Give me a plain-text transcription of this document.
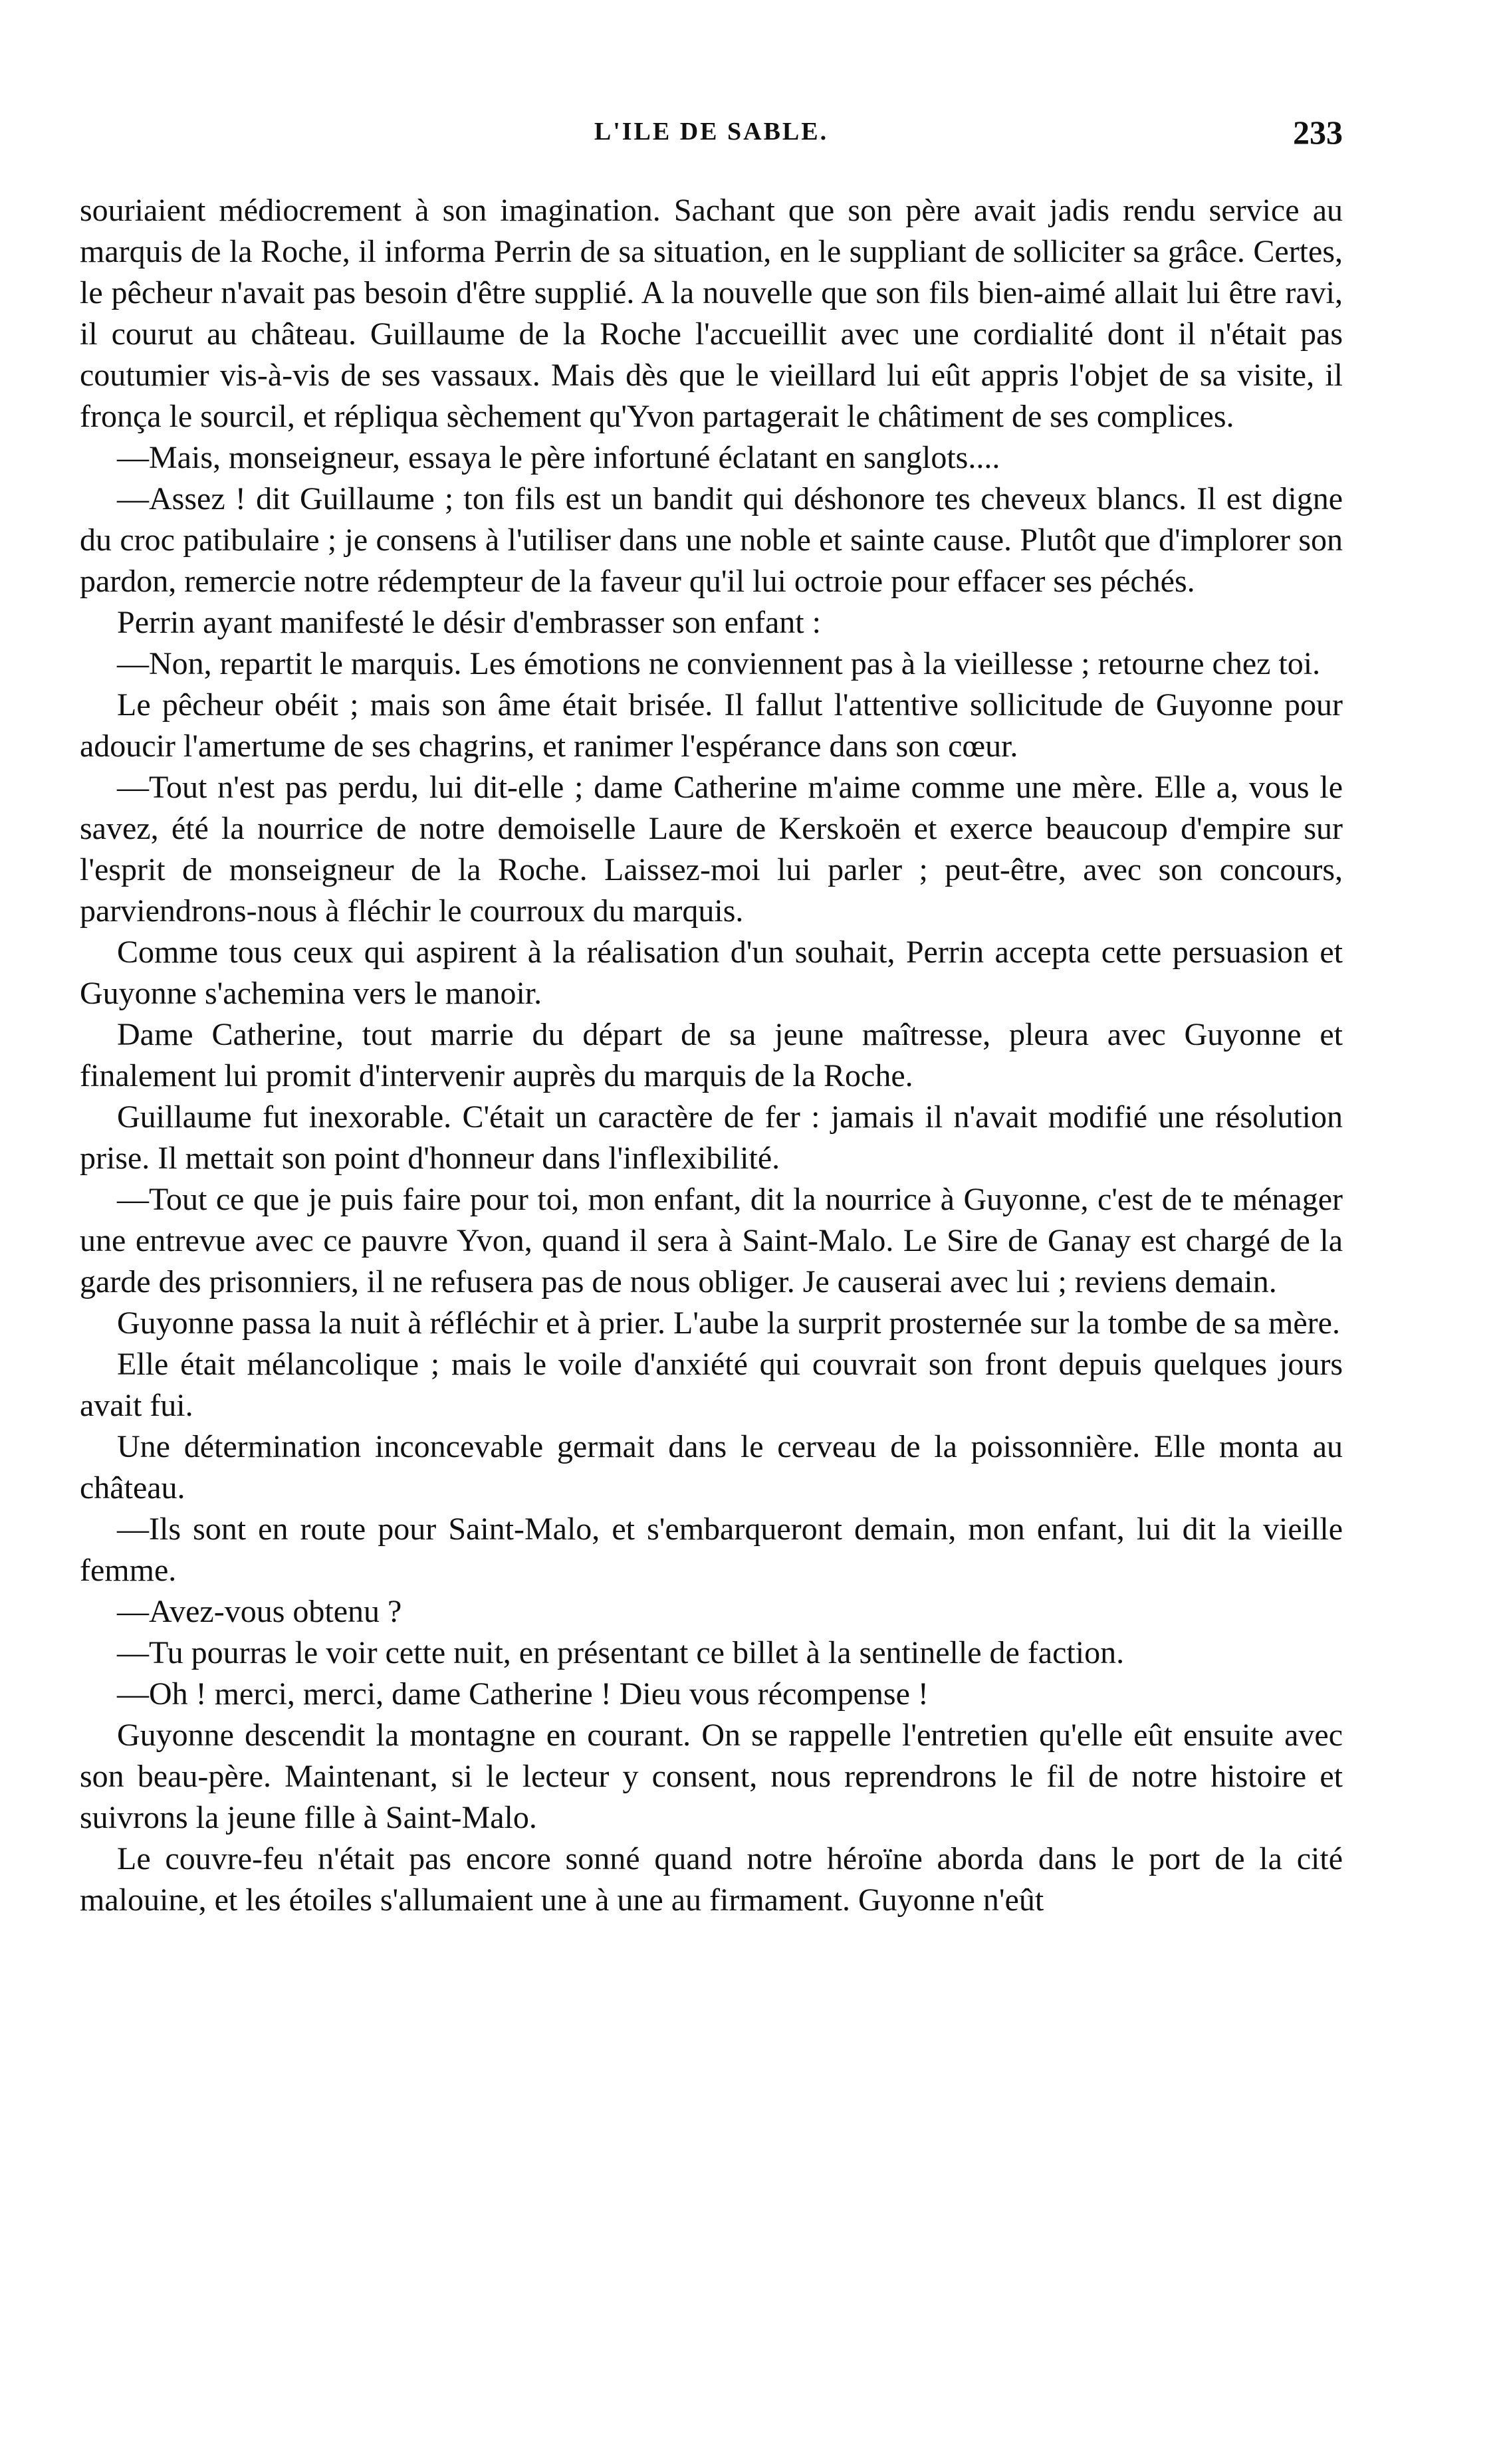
L'ILE DE SABLE.	233

souriaient médiocrement à son imagination. Sachant que son père avait jadis rendu service au marquis de la Roche, il informa Perrin de sa situation, en le suppliant de solliciter sa grâce. Certes, le pêcheur n'avait pas besoin d'être supplié. A la nouvelle que son fils bien-aimé allait lui être ravi, il courut au château. Guillaume de la Roche l'accueillit avec une cordialité dont il n'était pas coutumier vis-à-vis de ses vassaux. Mais dès que le vieillard lui eût appris l'objet de sa visite, il fronça le sourcil, et répliqua sèchement qu'Yvon partagerait le châtiment de ses complices.

—Mais, monseigneur, essaya le père infortuné éclatant en sanglots....

—Assez ! dit Guillaume ; ton fils est un bandit qui déshonore tes cheveux blancs. Il est digne du croc patibulaire ; je consens à l'utiliser dans une noble et sainte cause. Plutôt que d'implorer son pardon, remercie notre rédempteur de la faveur qu'il lui octroie pour effacer ses péchés.

Perrin ayant manifesté le désir d'embrasser son enfant :

—Non, repartit le marquis. Les émotions ne conviennent pas à la vieillesse ; retourne chez toi.

Le pêcheur obéit ; mais son âme était brisée. Il fallut l'attentive sollicitude de Guyonne pour adoucir l'amertume de ses chagrins, et ranimer l'espérance dans son cœur.

—Tout n'est pas perdu, lui dit-elle ; dame Catherine m'aime comme une mère. Elle a, vous le savez, été la nourrice de notre demoiselle Laure de Kerskoën et exerce beaucoup d'empire sur l'esprit de monseigneur de la Roche. Laissez-moi lui parler ; peut-être, avec son concours, parviendrons-nous à fléchir le courroux du marquis.

Comme tous ceux qui aspirent à la réalisation d'un souhait, Perrin accepta cette persuasion et Guyonne s'achemina vers le manoir.

Dame Catherine, tout marrie du départ de sa jeune maîtresse, pleura avec Guyonne et finalement lui promit d'intervenir auprès du marquis de la Roche.

Guillaume fut inexorable. C'était un caractère de fer : jamais il n'avait modifié une résolution prise. Il mettait son point d'honneur dans l'inflexibilité.

—Tout ce que je puis faire pour toi, mon enfant, dit la nourrice à Guyonne, c'est de te ménager une entrevue avec ce pauvre Yvon, quand il sera à Saint-Malo. Le Sire de Ganay est chargé de la garde des prisonniers, il ne refusera pas de nous obliger. Je causerai avec lui ; reviens demain.

Guyonne passa la nuit à réfléchir et à prier. L'aube la surprit prosternée sur la tombe de sa mère.

Elle était mélancolique ; mais le voile d'anxiété qui couvrait son front depuis quelques jours avait fui.

Une détermination inconcevable germait dans le cerveau de la poissonnière. Elle monta au château.

—Ils sont en route pour Saint-Malo, et s'embarqueront demain, mon enfant, lui dit la vieille femme.

—Avez-vous obtenu ?

—Tu pourras le voir cette nuit, en présentant ce billet à la sentinelle de faction.

—Oh ! merci, merci, dame Catherine ! Dieu vous récompense !

Guyonne descendit la montagne en courant. On se rappelle l'entretien qu'elle eût ensuite avec son beau-père. Maintenant, si le lecteur y consent, nous reprendrons le fil de notre histoire et suivrons la jeune fille à Saint-Malo.

Le couvre-feu n'était pas encore sonné quand notre héroïne aborda dans le port de la cité malouine, et les étoiles s'allumaient une à une au firmament. Guyonne n'eût
